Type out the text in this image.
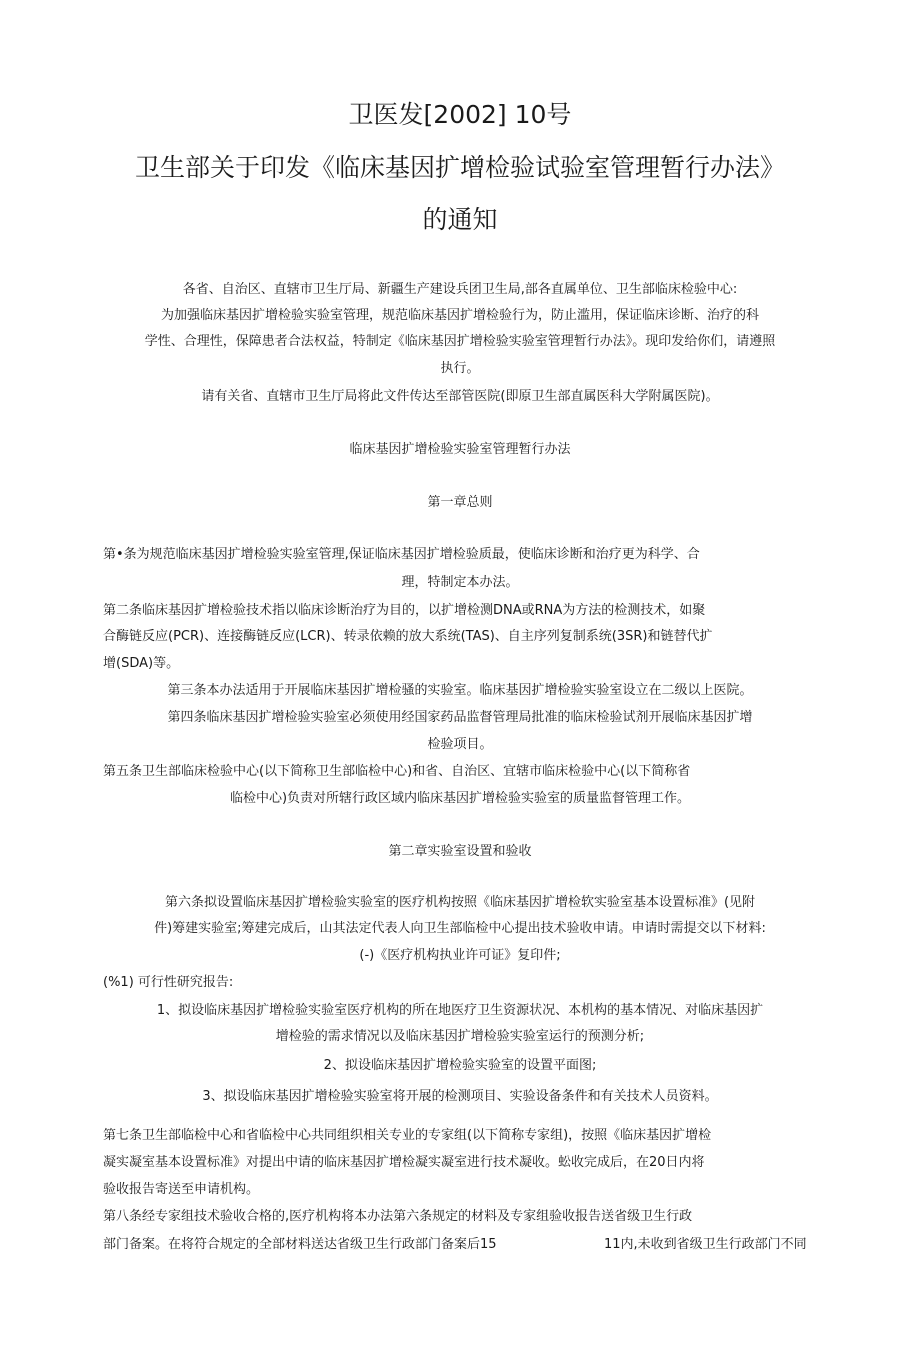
卫医发[2002] 10号
卫生部关于印发《临床基因扩增检验试验室管理暂行办法》
的通知
各省、自治区、直辖市卫生厅局、新疆生产建设兵团卫生局,部各直属单位、卫生部临床检验中心:
为加强临床基因扩增检验实验室管理，规范临床基因扩增检验行为，防止滥用，保证临床诊断、治疗的科
学性、合理性，保障患者合法权益，特制定《临床基因扩增检验实验室管理暂行办法》。现印发给你们，请遵照
执行。
请有关省、直辖市卫生厅局将此文件传达至部管医院(即原卫生部直属医科大学附属医院)。
临床基因扩增检验实验室管理暂行办法
第一章总则
第•条为规范临床基因扩增检验实验室管理,保证临床基因扩增检验质最，使临床诊断和治疗更为科学、合
理，特制定本办法。
第二条临床基因扩增检验技术指以临床诊断治疗为目的，以扩增检测DNA或RNA为方法的检测技术，如聚
合酶链反应(PCR)、连接酶链反应(LCR)、转录依赖的放大系统(TAS)、自主序列复制系统(3SR)和链替代扩
增(SDA)等。
第三条本办法适用于开展临床基因扩增检骚的实验室。临床基因扩增检验实验室设立在二级以上医院。
第四条临床基因扩增检验实验室必须使用经国家药品监督管理局批准的临床检验试剂开展临床基因扩增
检验项目。
第五条卫生部临床检验中心(以下简称卫生部临检中心)和省、自治区、宜辖市临床检验中心(以下简称省
临检中心)负责对所辖行政区域内临床基因扩增检验实验室的质量监督管理工作。
第二章实验室设置和验收
第六条拟设置临床基因扩增检验实验室的医疗机构按照《临床基因扩增检软实验室基本设置标准》(见附
件)筹建实验室;筹建完成后，山其法定代表人向卫生部临检中心提出技术验收申请。申请时需提交以下材料:
(-)《医疗机构执业许可证》复印件;
(%1) 可行性研究报告:
1、拟设临床基因扩增检验实验室医疗机构的所在地医疗卫生资源状况、本机构的基本情况、对临床基因扩
增检验的需求情况以及临床基因扩增检验实验室运行的预测分析;
2、拟设临床基因扩增检验实验室的设置平面图;
3、拟设临床基因扩增检验实验室将开展的检测项目、实验设备条件和有关技术人员资料。
第七条卫生部临检中心和省临检中心共同组织相关专业的专家组(以下简称专家组)，按照《临床基因扩增检
凝实凝室基本设置标准》对提出中请的临床基因扩增检凝实凝室进行技术凝收。蚣收完成后，在20日内将
验收报告寄送至申请机构。
第八条经专家组技术验收合格的,医疗机构将本办法第六条规定的材料及专家组验收报告送省级卫生行政
部门备案。在将符合规定的全部材料送达省级卫生行政部门备案后15	11内,未收到省级卫生行政部门不同
